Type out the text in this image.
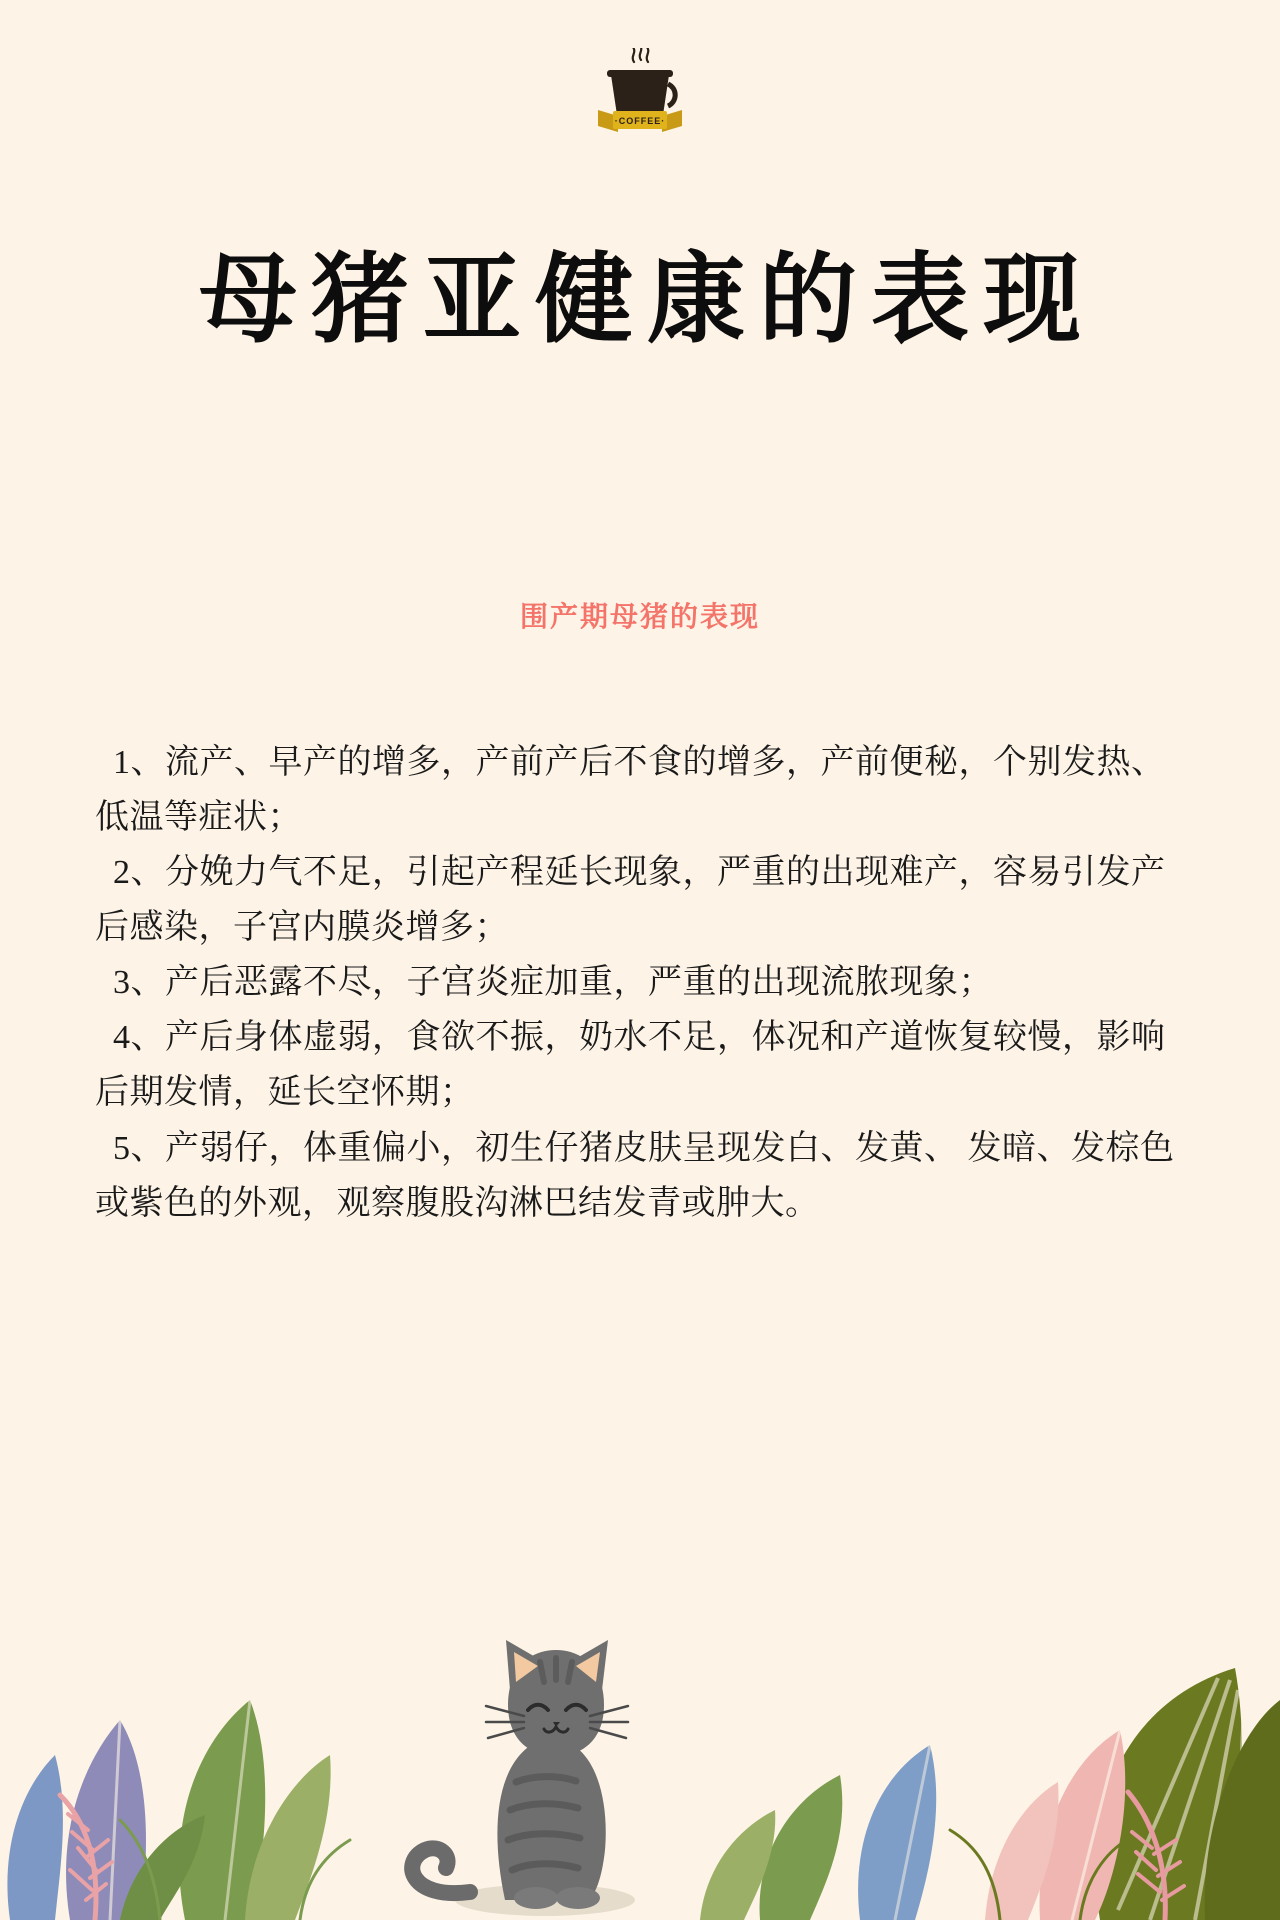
·COFFEE·
母猪亚健康的表现
围产期母猪的表现

1、流产、早产的增多，产前产后不食的增多，产前便秘，个别发热、低温等症状；

2、分娩力气不足，引起产程延长现象，严重的出现难产，容易引发产后感染，子宫内膜炎增多；

3、产后恶露不尽，子宫炎症加重，严重的出现流脓现象；

4、产后身体虚弱，食欲不振，奶水不足，体况和产道恢复较慢，影响后期发情，延长空怀期；

5、产弱仔，体重偏小，初生仔猪皮肤呈现发白、发黄、 发暗、发棕色或紫色的外观，观察腹股沟淋巴结发青或肿大。
